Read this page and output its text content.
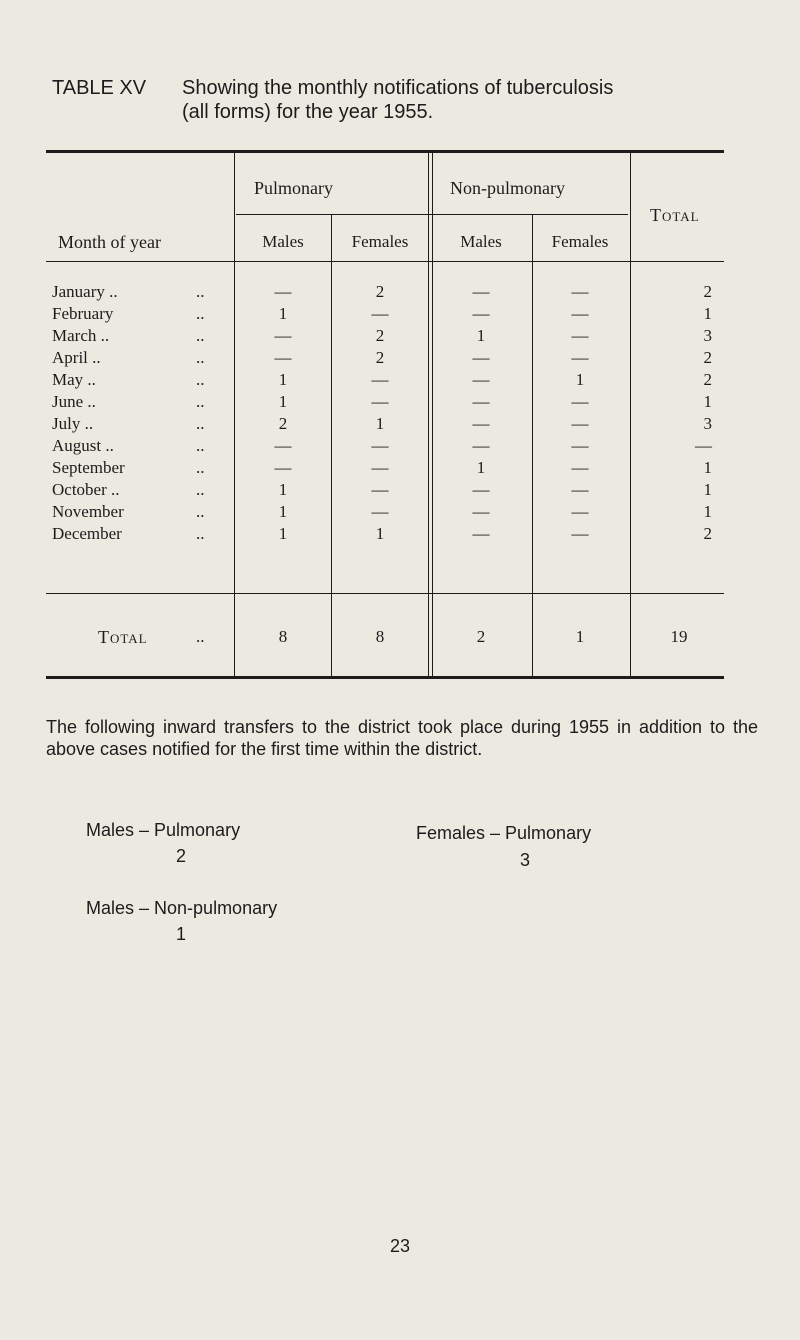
TABLE XV Showing the monthly notifications of tuberculosis
(all forms) for the year 1955.
Month of year
Pulmonary	Non-pulmonary
Total
Males	Females	Males	Females
January ..	..	—	2	—	—	2
February	..	1	—	—	—	1
March ..	..	—	2	1	—	3
April ..	..	—	2	—	—	2
May ..	..	1	—	—	1	2
June ..	..	1	—	—	—	1
July ..	..	2	1	—	—	3
August ..	..	—	—	—	—	—
September	..	—	—	1	—	1
October ..	..	1	—	—	—	1
November	..	1	—	—	—	1
December	..	1	1	—	—	2
Total	..	8	8	2	1	19
The following inward transfers to the district took place during 1955 in addition to the above cases notified for the first time within the district.
Males – Pulmonary
2
Females – Pulmonary
3
Males – Non-pulmonary
1
23
